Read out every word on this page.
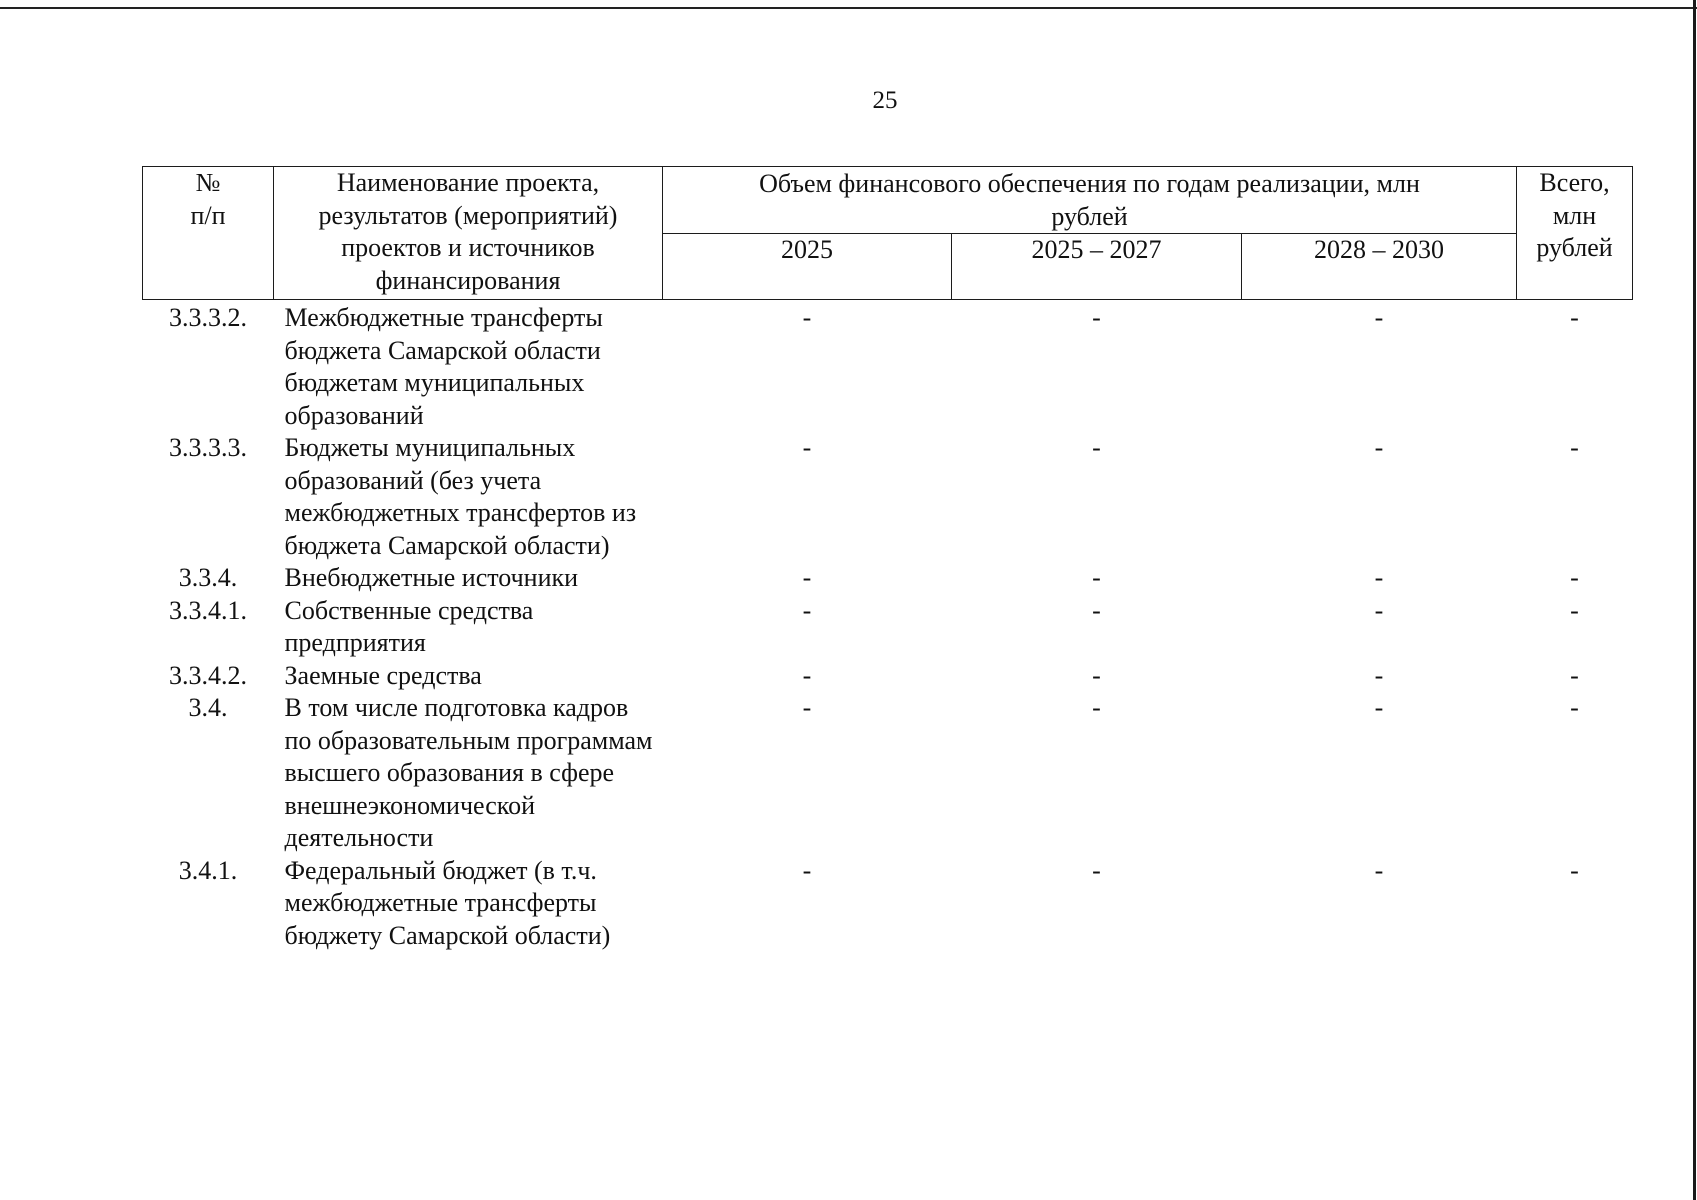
25
№ п/п	Наименование проекта, результатов (мероприятий) проектов и источников финансирования	Объем финансового обеспечения по годам реализации, млн рублей			Всего, млн рублей
		2025	2025 – 2027	2028 – 2030	
3.3.3.2.	Межбюджетные трансферты бюджета Самарской области бюджетам муниципальных образований	-	-	-	-
3.3.3.3.	Бюджеты муниципальных образований (без учета межбюджетных трансфертов из бюджета Самарской области)	-	-	-	-
3.3.4.	Внебюджетные источники	-	-	-	-
3.3.4.1.	Собственные средства предприятия	-	-	-	-
3.3.4.2.	Заемные средства	-	-	-	-
3.4.	В том числе подготовка кадров по образовательным программам высшего образования в сфере внешнеэкономической деятельности	-	-	-	-
3.4.1.	Федеральный бюджет (в т.ч. межбюджетные трансферты бюджету Самарской области)	-	-	-	-
